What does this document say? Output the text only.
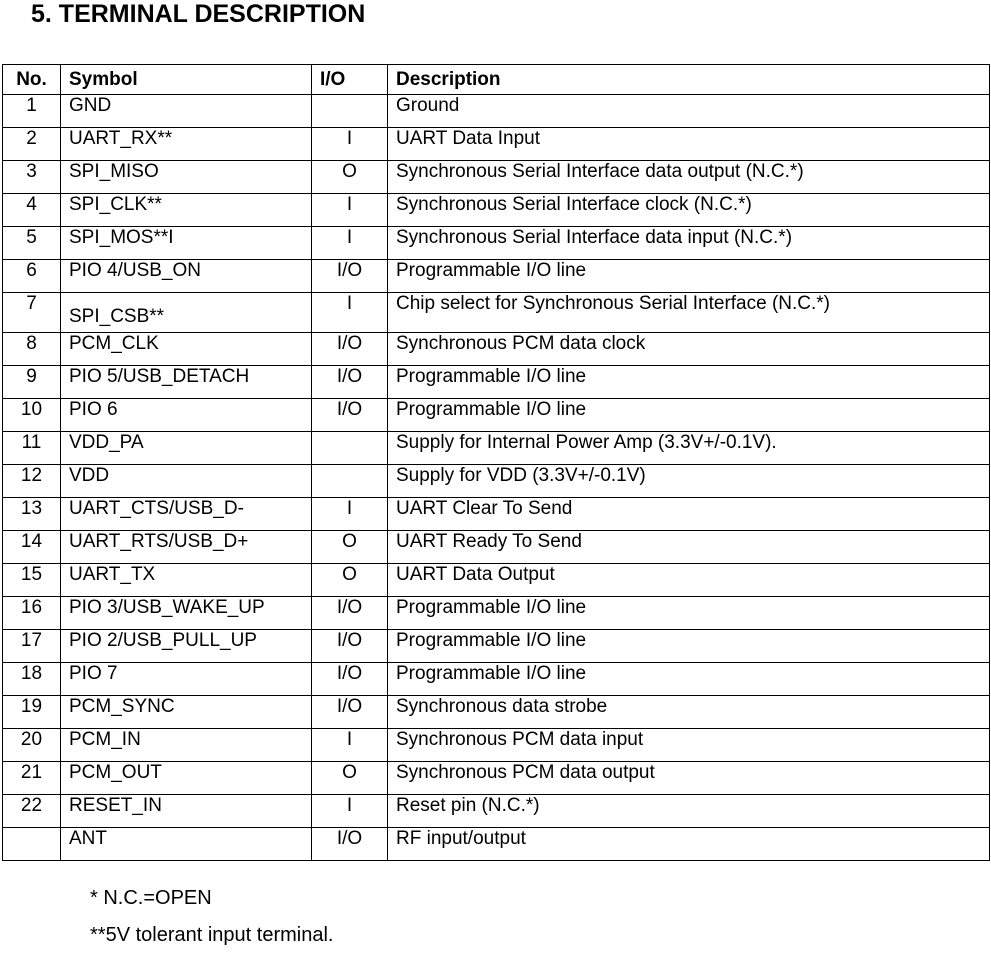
5. TERMINAL DESCRIPTION
No.	Symbol	I/O	Description
1	GND		Ground
2	UART_RX**	I	UART Data Input
3	SPI_MISO	O	Synchronous Serial Interface data output (N.C.*)
4	SPI_CLK**	I	Synchronous Serial Interface clock (N.C.*)
5	SPI_MOS**I	I	Synchronous Serial Interface data input (N.C.*)
6	PIO 4/USB_ON	I/O	Programmable I/O line
7	SPI_CSB**	I	Chip select for Synchronous Serial Interface (N.C.*)
8	PCM_CLK	I/O	Synchronous PCM data clock
9	PIO 5/USB_DETACH	I/O	Programmable I/O line
10	PIO 6	I/O	Programmable I/O line
11	VDD_PA		Supply for Internal Power Amp (3.3V+/-0.1V).
12	VDD		Supply for VDD (3.3V+/-0.1V)
13	UART_CTS/USB_D-	I	UART Clear To Send
14	UART_RTS/USB_D+	O	UART Ready To Send
15	UART_TX	O	UART Data Output
16	PIO 3/USB_WAKE_UP	I/O	Programmable I/O line
17	PIO 2/USB_PULL_UP	I/O	Programmable I/O line
18	PIO 7	I/O	Programmable I/O line
19	PCM_SYNC	I/O	Synchronous data strobe
20	PCM_IN	I	Synchronous PCM data input
21	PCM_OUT	O	Synchronous PCM data output
22	RESET_IN	I	Reset pin (N.C.*)
	ANT	I/O	RF input/output
* N.C.=OPEN
**5V tolerant input terminal.
